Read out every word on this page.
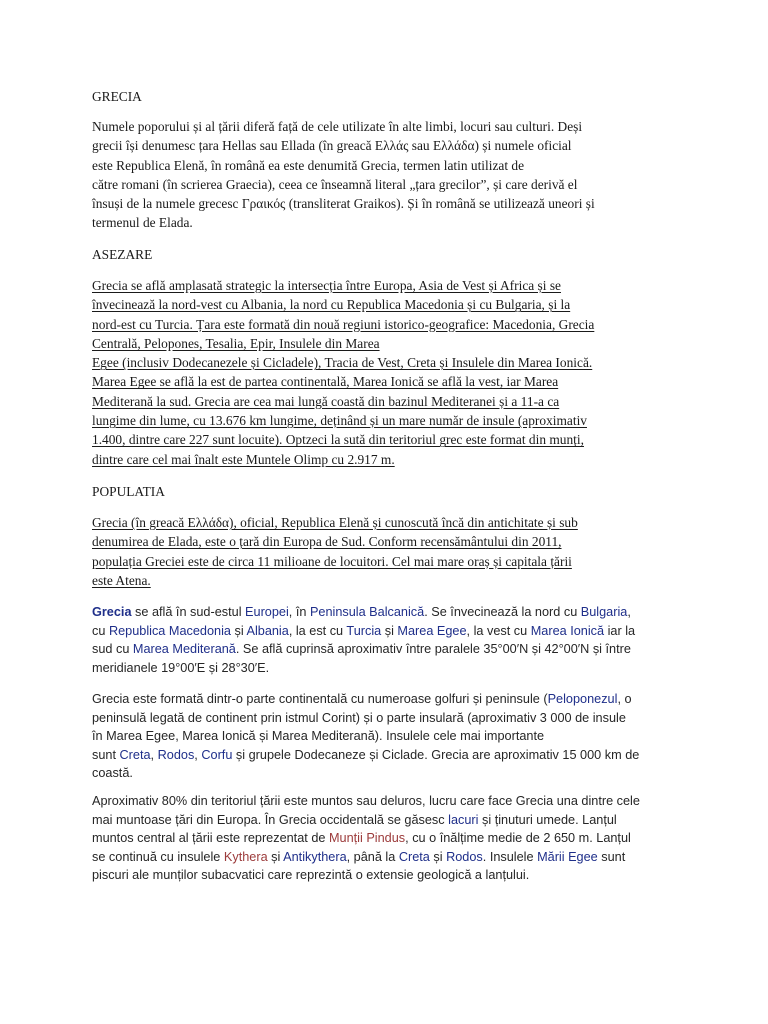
GRECIA
Numele poporului și al țării diferă față de cele utilizate în alte limbi, locuri sau culturi. Deși
grecii își denumesc țara Hellas sau Ellada (în greacă Ελλάς sau Ελλάδα) și numele oficial
este Republica Elenă, în română ea este denumită Grecia, termen latin utilizat de
către romani (în scrierea Graecia), ceea ce înseamnă literal „țara grecilor”, și care derivă el
însuși de la numele grecesc Γραικός (transliterat Graikos). Și în română se utilizează uneori și
termenul de Elada.
ASEZARE
Grecia se află amplasată strategic la intersecția între Europa, Asia de Vest și Africa și se
învecinează la nord-vest cu Albania, la nord cu Republica Macedonia și cu Bulgaria, și la
nord-est cu Turcia. Țara este formată din nouă regiuni istorico-geografice: Macedonia, Grecia
Centrală, Pelopones, Tesalia, Epir, Insulele din Marea
Egee (inclusiv Dodecanezele și Cicladele), Tracia de Vest, Creta și Insulele din Marea Ionică.
Marea Egee se află la est de partea continentală, Marea Ionică se află la vest, iar Marea
Mediterană la sud. Grecia are cea mai lungă coastă din bazinul Mediteranei și a 11-a ca
lungime din lume, cu 13.676 km lungime, deținând și un mare număr de insule (aproximativ
1.400, dintre care 227 sunt locuite). Optzeci la sută din teritoriul grec este format din munți,
dintre care cel mai înalt este Muntele Olimp cu 2.917 m.
POPULATIA
Grecia (în greacă Ελλάδα), oficial, Republica Elenă și cunoscută încă din antichitate și sub
denumirea de Elada, este o țară din Europa de Sud. Conform recensământului din 2011,
populația Greciei este de circa 11 milioane de locuitori. Cel mai mare oraș și capitala țării
este Atena.
Grecia se află în sud-estul Europei, în Peninsula Balcanică. Se învecinează la nord cu Bulgaria,
cu Republica Macedonia și Albania, la est cu Turcia și Marea Egee, la vest cu Marea Ionică iar la
sud cu Marea Mediterană. Se află cuprinsă aproximativ între paralele 35°00′N și 42°00′N și între
meridianele 19°00′E și 28°30′E.
Grecia este formată dintr-o parte continentală cu numeroase golfuri și peninsule (Peloponezul, o
peninsulă legată de continent prin istmul Corint) și o parte insulară (aproximativ 3 000 de insule
în Marea Egee, Marea Ionică și Marea Mediterană). Insulele cele mai importante
sunt Creta, Rodos, Corfu și grupele Dodecaneze și Ciclade. Grecia are aproximativ 15 000 km de
coastă.
Aproximativ 80% din teritoriul țării este muntos sau deluros, lucru care face Grecia una dintre cele
mai muntoase țări din Europa. În Grecia occidentală se găsesc lacuri și ținuturi umede. Lanțul
muntos central al țării este reprezentat de Munții Pindus, cu o înălțime medie de 2 650 m. Lanțul
se continuă cu insulele Kythera și Antikythera, până la Creta și Rodos. Insulele Mării Egee sunt
piscuri ale munților subacvatici care reprezintă o extensie geologică a lanțului.
